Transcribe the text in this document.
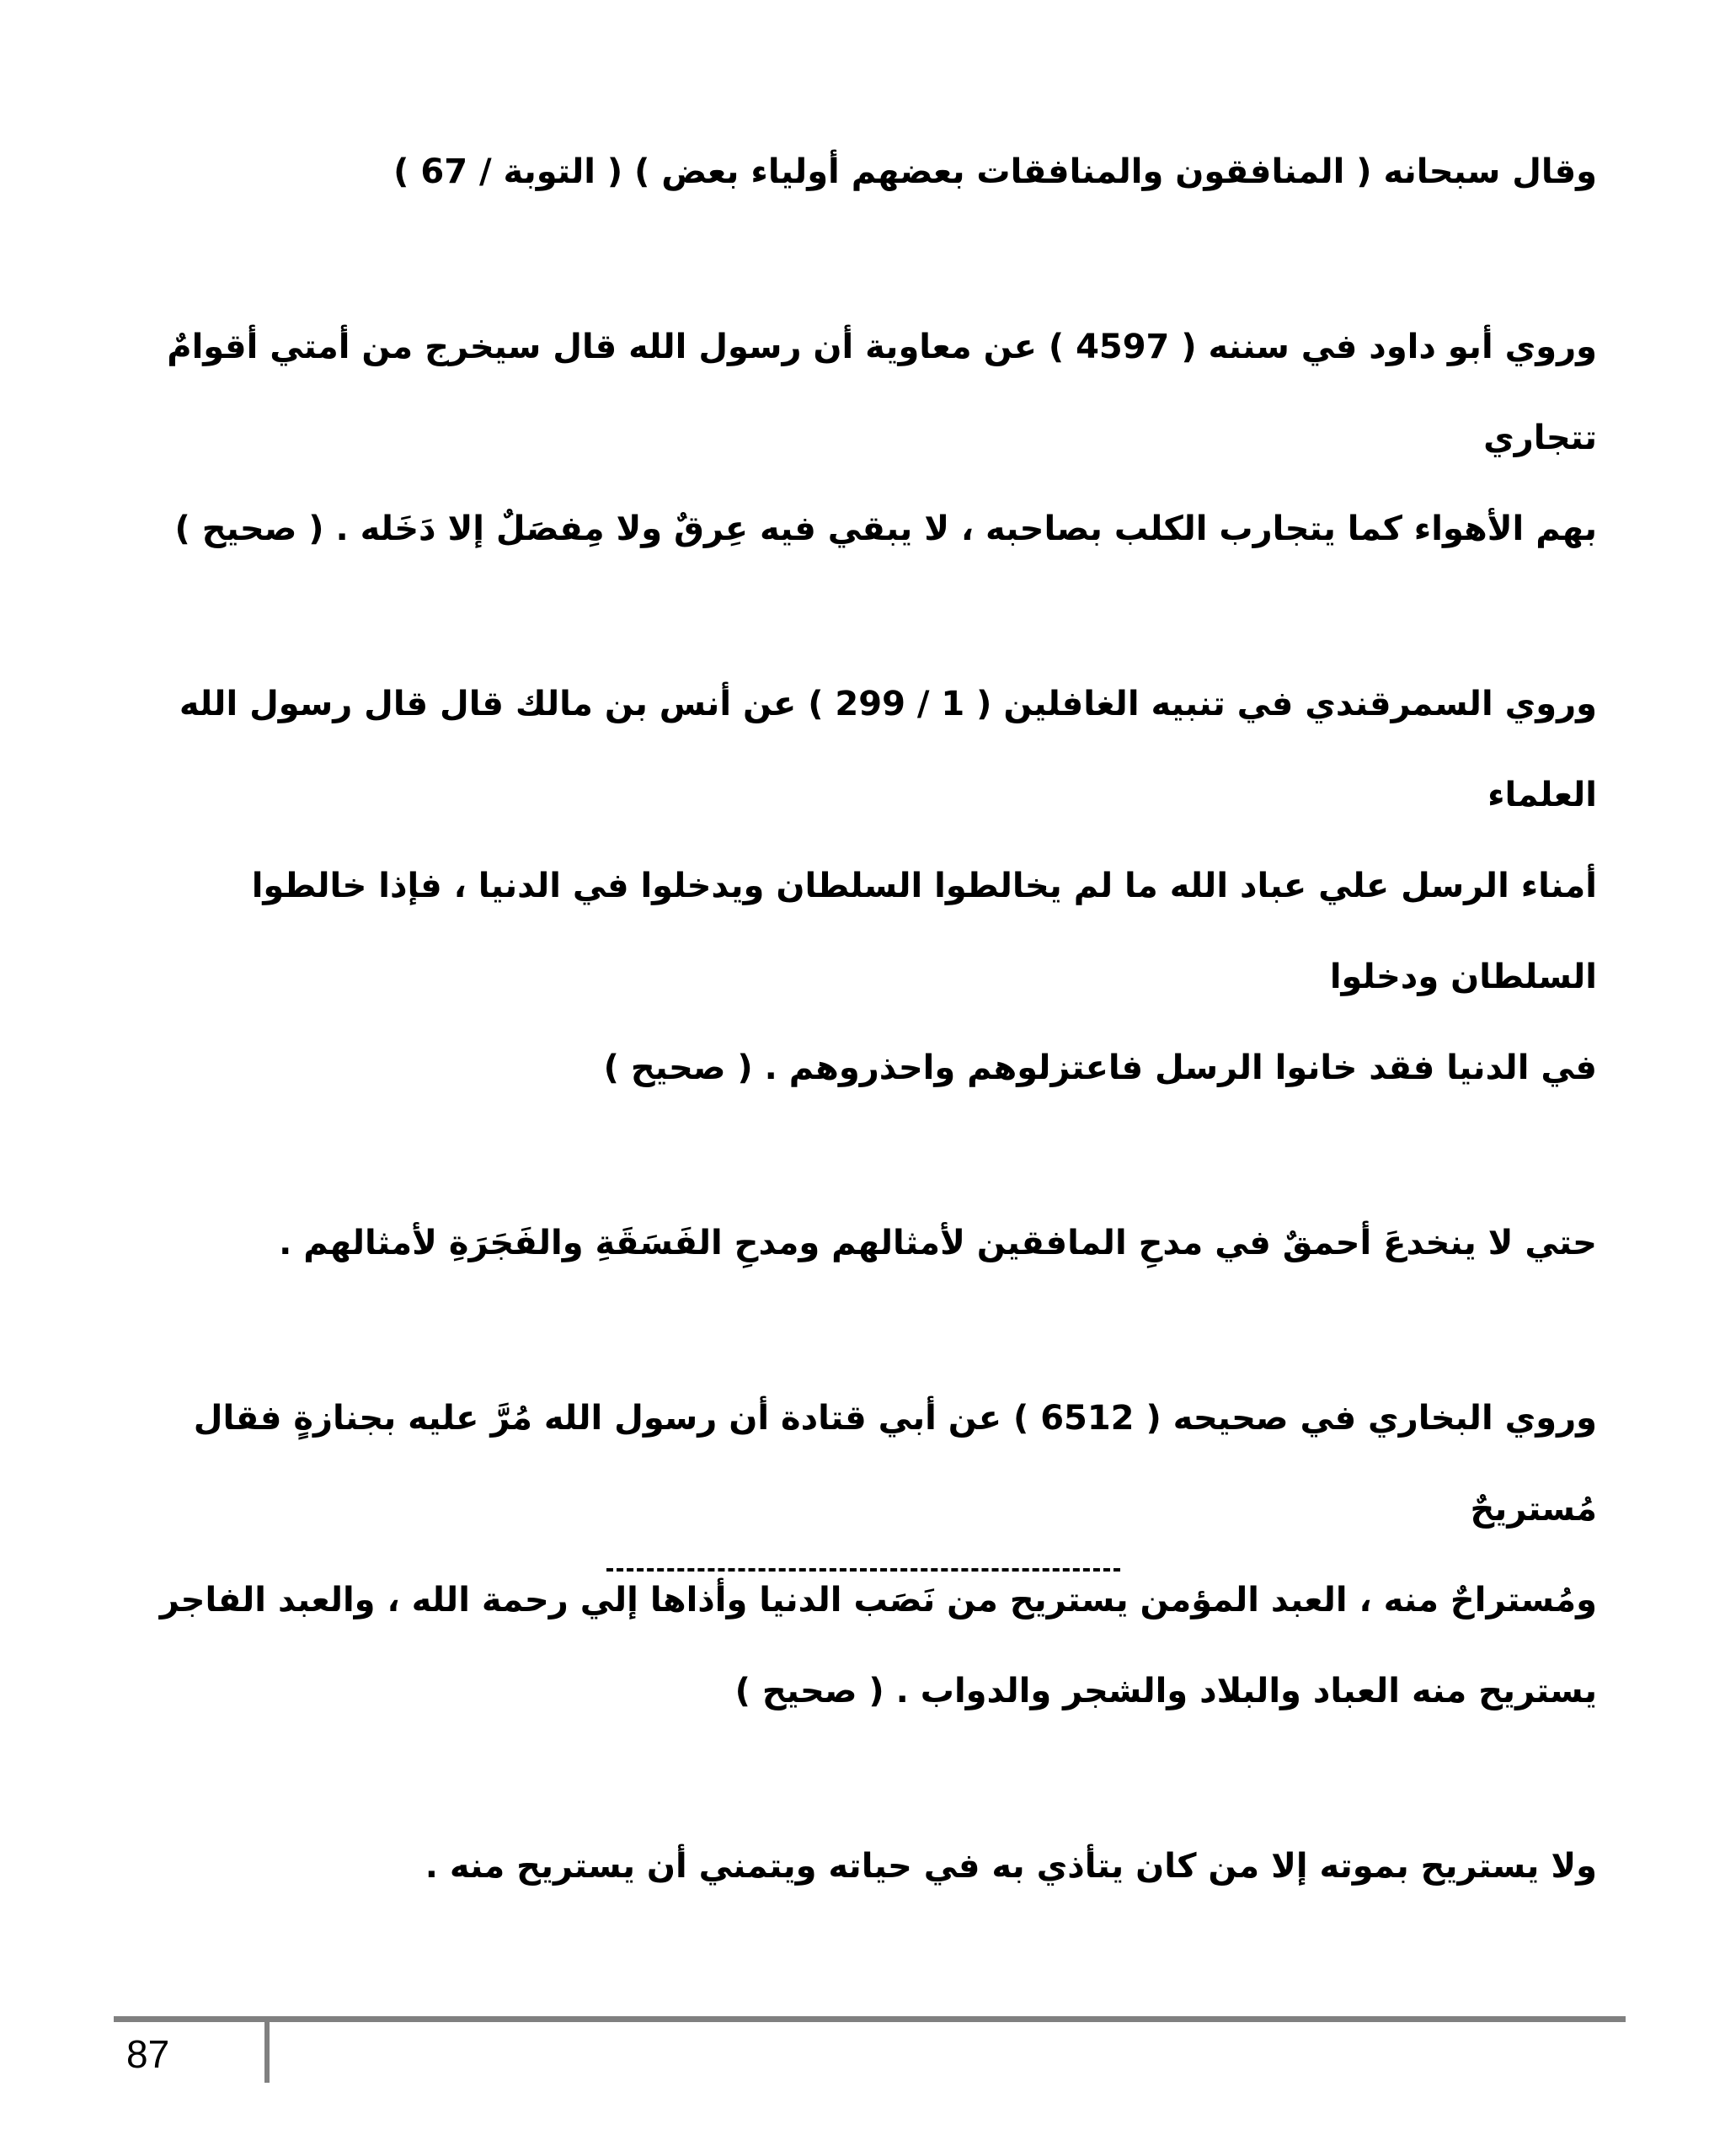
وقال سبحانه ( المنافقون والمنافقات بعضهم أولياء بعض ) ( التوبة / 67 )

وروي أبو داود في سننه ( 4597 ) عن معاوية أن رسول الله قال سيخرج من أمتي أقوامٌ تتجاري
بهم الأهواء كما يتجارب الكلب بصاحبه ، لا يبقي فيه عِرقٌ ولا مِفصَلٌ إلا دَخَله . ( صحيح )

وروي السمرقندي في تنبيه الغافلين ( 1 / 299 ) عن أنس بن مالك قال قال رسول الله العلماء
أمناء الرسل علي عباد الله ما لم يخالطوا السلطان ويدخلوا في الدنيا ، فإذا خالطوا السلطان ودخلوا
في الدنيا فقد خانوا الرسل فاعتزلوهم واحذروهم . ( صحيح )

حتي لا ينخدعَ أحمقٌ في مدحِ المافقين لأمثالهم ومدحِ الفَسَقَةِ والفَجَرَةِ لأمثالهم .

وروي البخاري في صحيحه ( 6512 ) عن أبي قتادة أن رسول الله مُرَّ عليه بجنازةٍ فقال مُستريحٌ
ومُستراحٌ منه ، العبد المؤمن يستريح من نَصَب الدنيا وأذاها إلي رحمة الله ، والعبد الفاجر
يستريح منه العباد والبلاد والشجر والدواب . ( صحيح )

ولا يستريح بموته إلا من كان يتأذي به في حياته ويتمني أن يستريح منه .

87
